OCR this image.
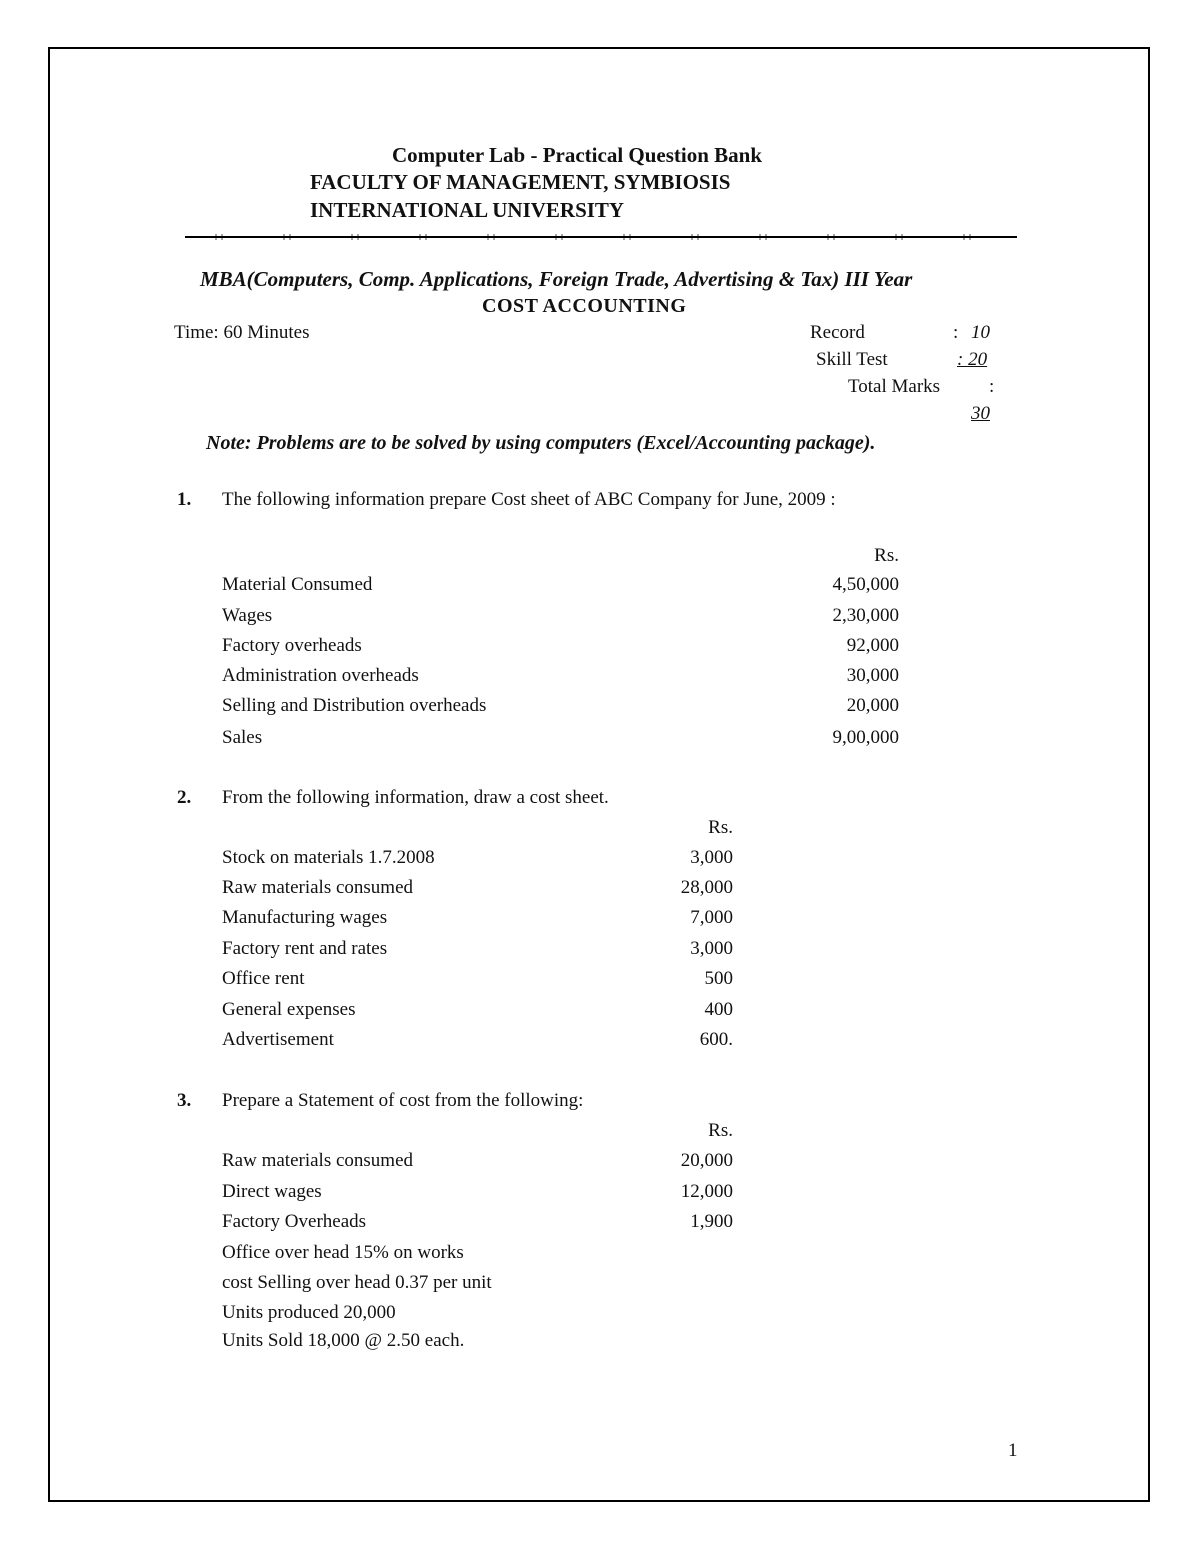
Computer Lab - Practical Question Bank
FACULTY OF MANAGEMENT, SYMBIOSIS
INTERNATIONAL UNIVERSITY
MBA(Computers, Comp. Applications, Foreign Trade, Advertising & Tax) III Year
COST ACCOUNTING
Time: 60 Minutes	Record	: 10
Skill Test	: 20
Total Marks	:
30
Note: Problems are to be solved by using computers (Excel/Accounting package).
1. The following information prepare Cost sheet of ABC Company for June, 2009 :
Rs.
Material Consumed	4,50,000
Wages	2,30,000
Factory overheads	92,000
Administration overheads	30,000
Selling and Distribution overheads	20,000
Sales	9,00,000
2. From the following information, draw a cost sheet.
Rs.
Stock on materials 1.7.2008	3,000
Raw materials consumed	28,000
Manufacturing wages	7,000
Factory rent and rates	3,000
Office rent	500
General expenses	400
Advertisement	600.
3. Prepare a Statement of cost from the following:
Rs.
Raw materials consumed	20,000
Direct wages	12,000
Factory Overheads	1,900
Office over head 15% on works
cost Selling over head 0.37 per unit
Units produced 20,000
Units Sold 18,000 @ 2.50 each.
1
